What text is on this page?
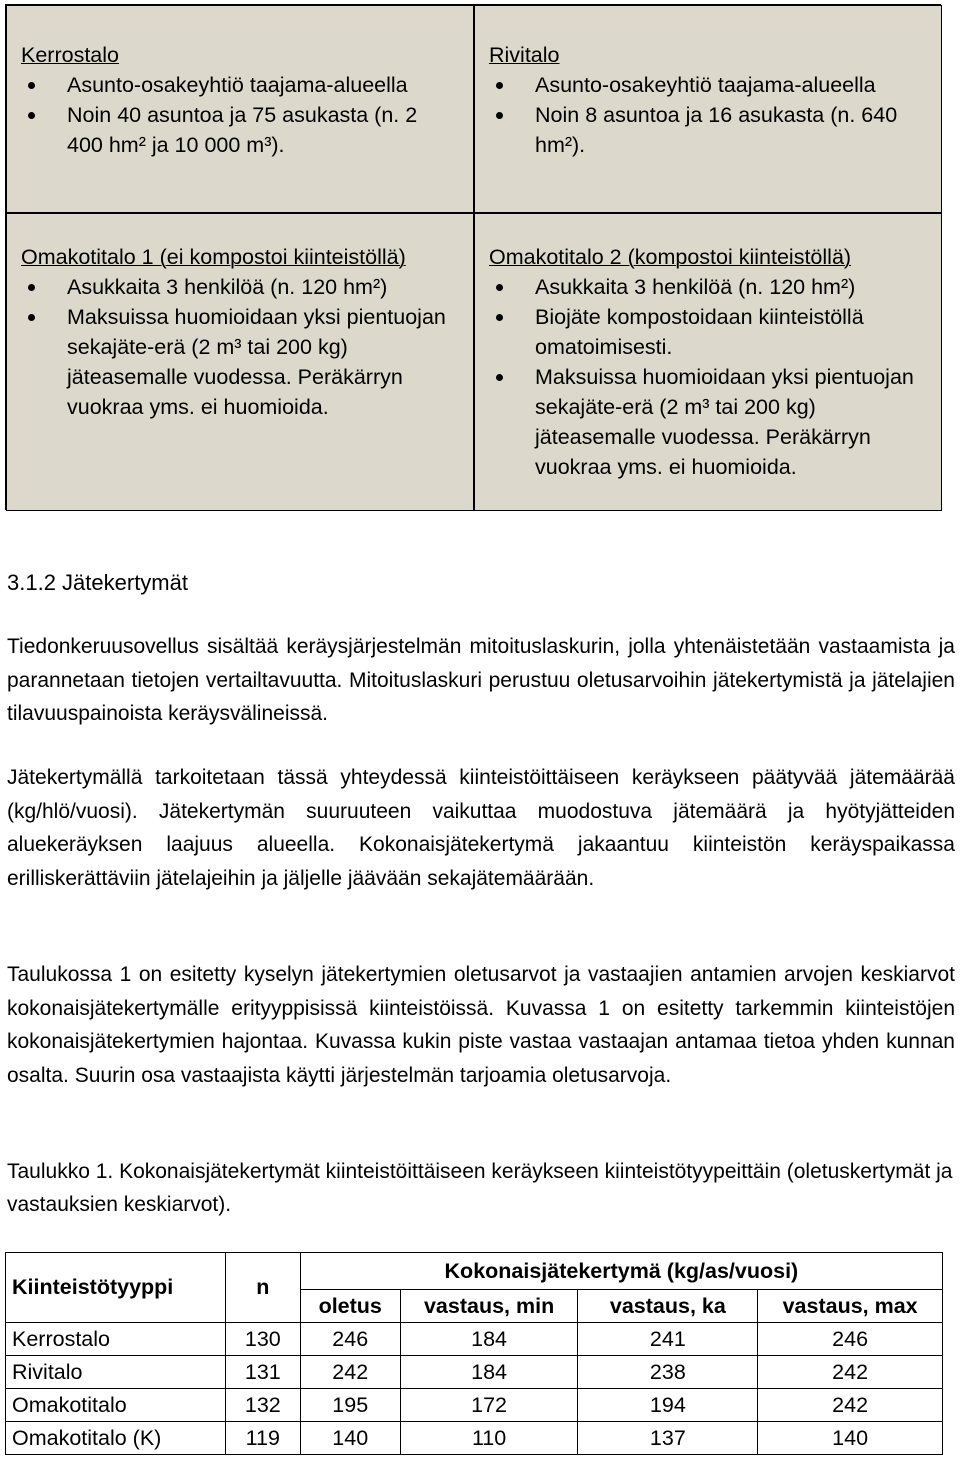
Kerrostalo
Asunto-osakeyhtiö taajama-alueella
Noin 40 asuntoa ja 75 asukasta (n. 2 400 hm² ja 10 000 m³).
Rivitalo
Asunto-osakeyhtiö taajama-alueella
Noin 8 asuntoa ja 16 asukasta (n. 640 hm²).
Omakotitalo 1 (ei kompostoi kiinteistöllä)
Asukkaita 3 henkilöä (n. 120 hm²)
Maksuissa huomioidaan yksi pientuojan sekajäte-erä (2 m³ tai 200 kg) jäteasemalle vuodessa. Peräkärryn vuokraa yms. ei huomioida.
Omakotitalo 2 (kompostoi kiinteistöllä)
Asukkaita 3 henkilöä (n. 120 hm²)
Biojäte kompostoidaan kiinteistöllä omatoimisesti.
Maksuissa huomioidaan yksi pientuojan sekajäte-erä (2 m³ tai 200 kg) jäteasemalle vuodessa. Peräkärryn vuokraa yms. ei huomioida.
3.1.2 Jätekertymät

Tiedonkeruusovellus sisältää keräysjärjestelmän mitoituslaskurin, jolla yhtenäistetään vastaamista ja parannetaan tietojen vertailtavuutta. Mitoituslaskuri perustuu oletusarvoihin jätekertymistä ja jätelajien tilavuuspainoista keräysvälineissä.

Jätekertymällä tarkoitetaan tässä yhteydessä kiinteistöittäiseen keräykseen päätyvää jätemäärää (kg/hlö/vuosi). Jätekertymän suuruuteen vaikuttaa muodostuva jätemäärä ja hyötyjätteiden aluekeräyksen laajuus alueella. Kokonaisjätekertymä jakaantuu kiinteistön keräyspaikassa erilliskerättäviin jätelajeihin ja jäljelle jäävään sekajätemäärään.

Taulukossa 1 on esitetty kyselyn jätekertymien oletusarvot ja vastaajien antamien arvojen keskiarvot kokonaisjätekertymälle erityyppisissä kiinteistöissä. Kuvassa 1 on esitetty tarkemmin kiinteistöjen kokonaisjätekertymien hajontaa. Kuvassa kukin piste vastaa vastaajan antamaa tietoa yhden kunnan osalta. Suurin osa vastaajista käytti järjestelmän tarjoamia oletusarvoja.

Taulukko 1. Kokonaisjätekertymät kiinteistöittäiseen keräykseen kiinteistötyypeittäin (oletuskertymät ja vastauksien keskiarvot).

Kiinteistötyyppi	n	Kokonaisjätekertymä (kg/as/vuosi)			
		oletus	vastaus, min	vastaus, ka	vastaus, max
Kerrostalo	130	246	184	241	246
Rivitalo	131	242	184	238	242
Omakotitalo	132	195	172	194	242
Omakotitalo (K)	119	140	110	137	140
